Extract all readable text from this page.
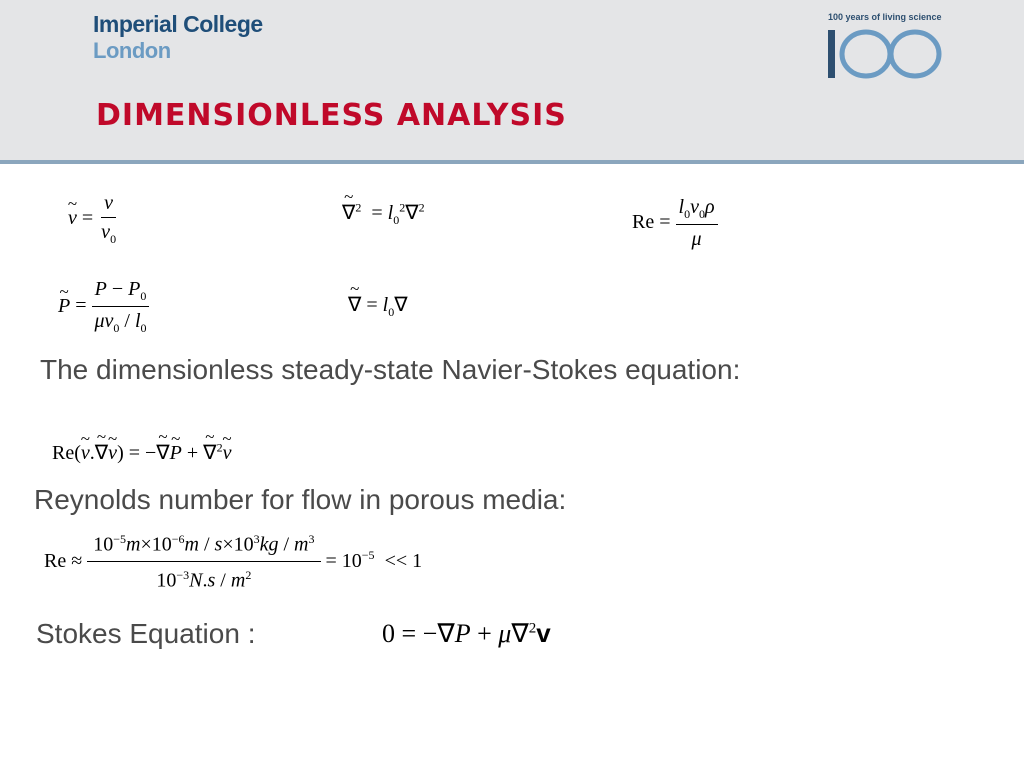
Imperial College
London
100 years of living science
DIMENSIONLESS ANALYSIS
~ $v = \frac{v}{v_0}$	~ $\nabla^2 = l_0^2\nabla^2$
$Re = \frac{l_0v_0\rho}{\mu}$
~ $P = \frac{P - P_0}{\mu v_0 / l_0}$	~ ∇ = $l_0\nabla$
The dimensionless steady-state Navier-Stokes equation:
Re(~ v.~ ∇~ v) = −~ ∇~ P + ~ ∇$^2$~ v
Reynolds number for flow in porous media:
$Re \approx \frac{10^{-5}m\times 10^{-6}m / s\times 10^3kg / m^3}{10^{-3}N.s / m^2} = 10^{-5} << 1$
Stokes Equation :	0 = −∇P + μ∇$^2$v
